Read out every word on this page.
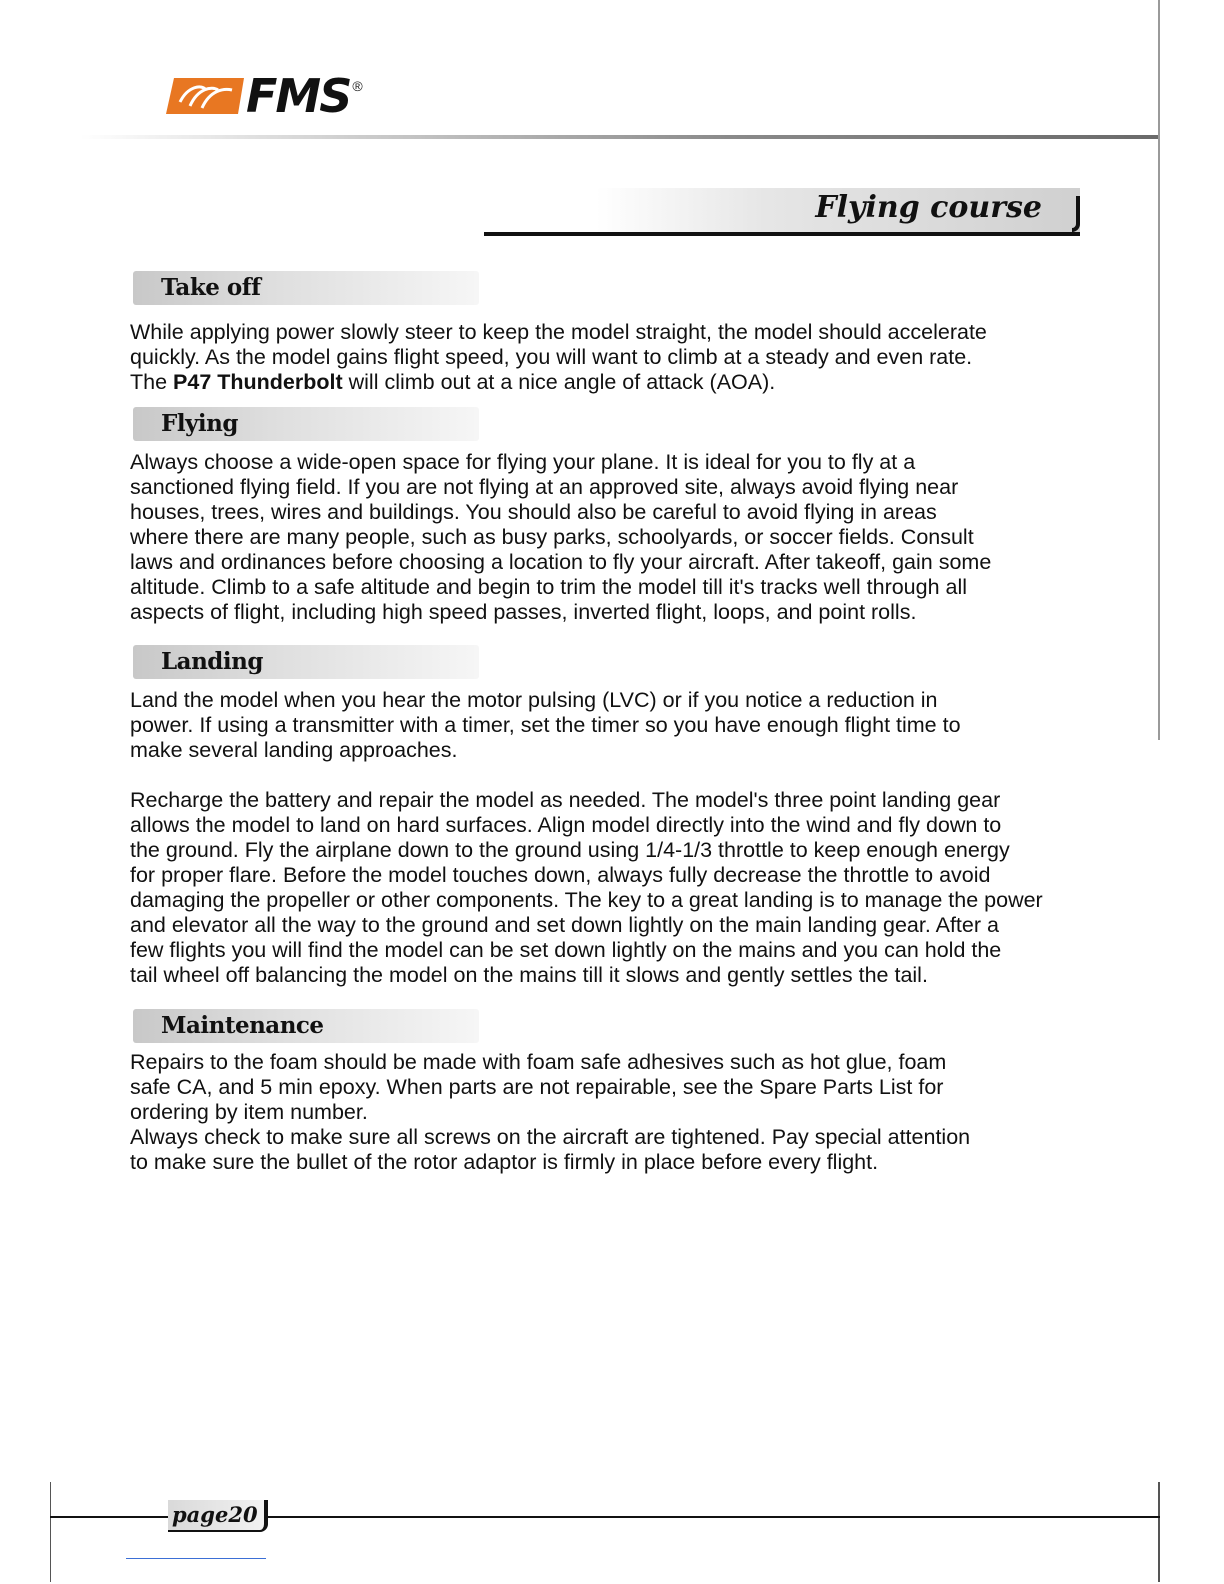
FMS ®
Flying course
Take off
While applying power slowly steer to keep the model straight, the model should accelerate
quickly. As the model gains flight speed, you will want to climb at a steady and even rate.
The P47 Thunderbolt will climb out at a nice angle of attack (AOA).
Flying
Always choose a wide-open space for flying your plane. It is ideal for you to fly at a
sanctioned flying field. If you are not flying at an approved site, always avoid flying near
houses, trees, wires and buildings. You should also be careful to avoid flying in areas
where there are many people, such as busy parks, schoolyards, or soccer fields. Consult
laws and ordinances before choosing a location to fly your aircraft. After takeoff, gain some
altitude. Climb to a safe altitude and begin to trim the model till it's tracks well through all
aspects of flight, including high speed passes, inverted flight, loops, and point rolls.
Landing
Land the model when you hear the motor pulsing (LVC) or if you notice a reduction in
power. If using a transmitter with a timer, set the timer so you have enough flight time to
make several landing approaches.
Recharge the battery and repair the model as needed. The model's three point landing gear
allows the model to land on hard surfaces. Align model directly into the wind and fly down to
the ground. Fly the airplane down to the ground using 1/4-1/3 throttle to keep enough energy
for proper flare. Before the model touches down, always fully decrease the throttle to avoid
damaging the propeller or other components. The key to a great landing is to manage the power
and elevator all the way to the ground and set down lightly on the main landing gear. After a
few flights you will find the model can be set down lightly on the mains and you can hold the
tail wheel off balancing the model on the mains till it slows and gently settles the tail.
Maintenance
Repairs to the foam should be made with foam safe adhesives such as hot glue, foam
safe CA, and 5 min epoxy. When parts are not repairable, see the Spare Parts List for
ordering by item number.
Always check to make sure all screws on the aircraft are tightened. Pay special attention
to make sure the bullet of the rotor adaptor is firmly in place before every flight.
page20
